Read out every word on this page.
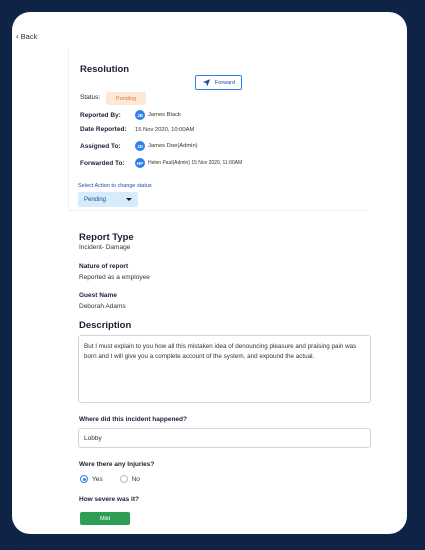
‹ Back
Resolution
Forward
Status:	Pending
Reported By:	JB James Black
Date Reported:	15 Nov 2020, 10:00AM
Assigned To:	JD James Doe(Admin)
Forwarded To:	HP Helen Paul(Admin) 15 Nov 2020, 11:00AM
Select Action to change status
Pending
Report Type
Incident- Damage
Nature of report
Reported as a employee
Guest Name
Deborah Adams
Description
But I must explain to you how all this mistaken idea of denouncing pleasure and praising pain was born and I will give you a complete account of the system, and expound the actual.
Where did this incident happened?
Lobby
Were there any Injuries?
Yes	No
How severe was it?
Mild
